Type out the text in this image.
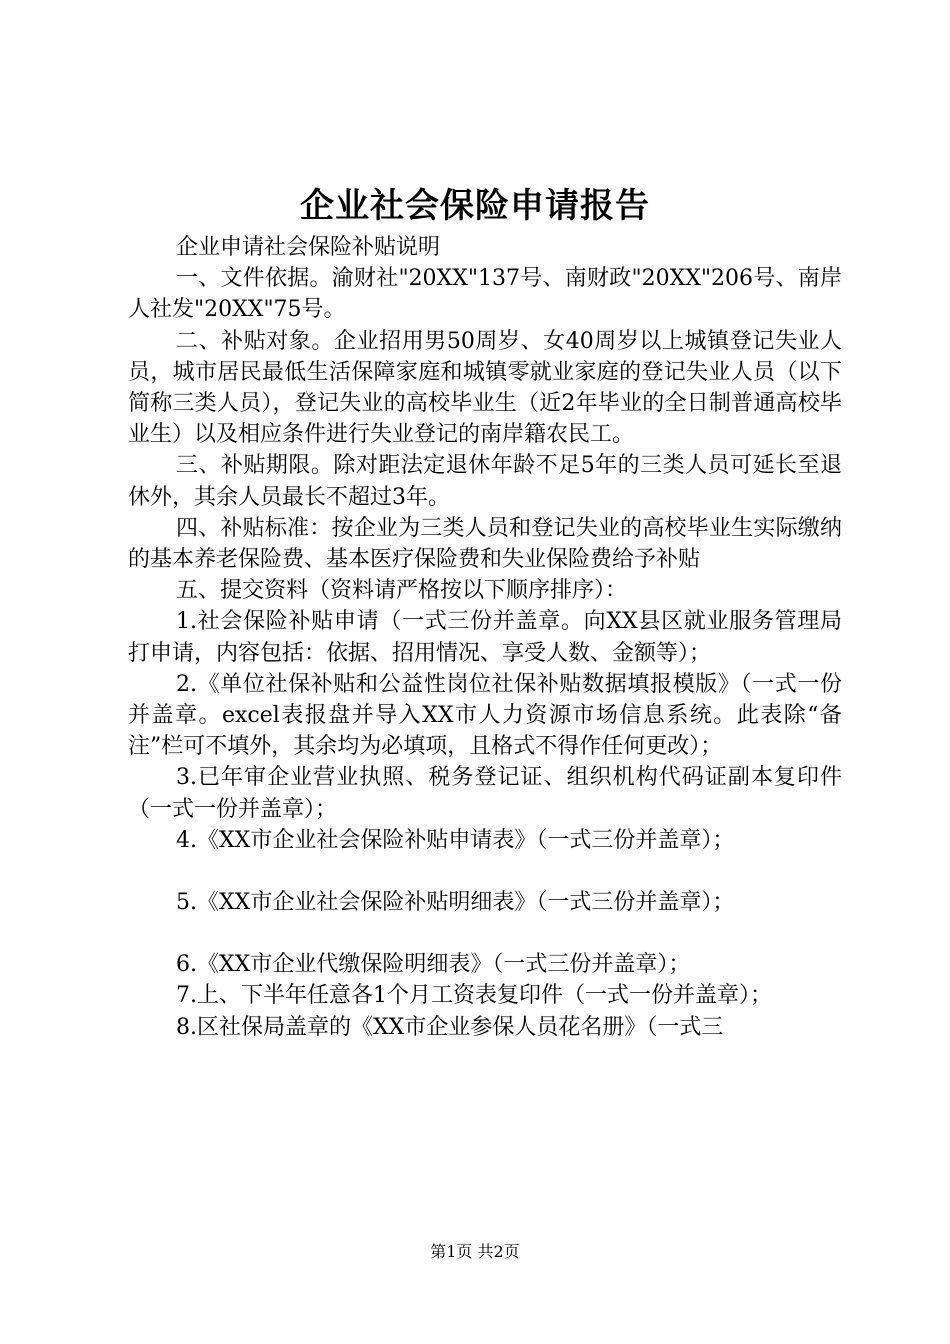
企业社会保险申请报告

企业申请社会保险补贴说明

一、文件依据。渝财社"20XX"137号、南财政"20XX"206号、南岸人社发"20XX"75号。

二、补贴对象。企业招用男50周岁、女40周岁以上城镇登记失业人员，城市居民最低生活保障家庭和城镇零就业家庭的登记失业人员（以下简称三类人员），登记失业的高校毕业生（近2年毕业的全日制普通高校毕业生）以及相应条件进行失业登记的南岸籍农民工。

三、补贴期限。除对距法定退休年龄不足5年的三类人员可延长至退休外，其余人员最长不超过3年。

四、补贴标准：按企业为三类人员和登记失业的高校毕业生实际缴纳的基本养老保险费、基本医疗保险费和失业保险费给予补贴

五、提交资料（资料请严格按以下顺序排序）：

1.社会保险补贴申请（一式三份并盖章。向XX县区就业服务管理局打申请，内容包括：依据、招用情况、享受人数、金额等）；

2.《单位社保补贴和公益性岗位社保补贴数据填报模版》（一式一份并盖章。excel表报盘并导入XX市人力资源市场信息系统。此表除“备注”栏可不填外，其余均为必填项，且格式不得作任何更改）；

3.已年审企业营业执照、税务登记证、组织机构代码证副本复印件（一式一份并盖章）；

4.《XX市企业社会保险补贴申请表》（一式三份并盖章）；

5.《XX市企业社会保险补贴明细表》（一式三份并盖章）；

6.《XX市企业代缴保险明细表》（一式三份并盖章）；

7.上、下半年任意各1个月工资表复印件（一式一份并盖章）；

8.区社保局盖章的《XX市企业参保人员花名册》（一式三

第1页 共2页
